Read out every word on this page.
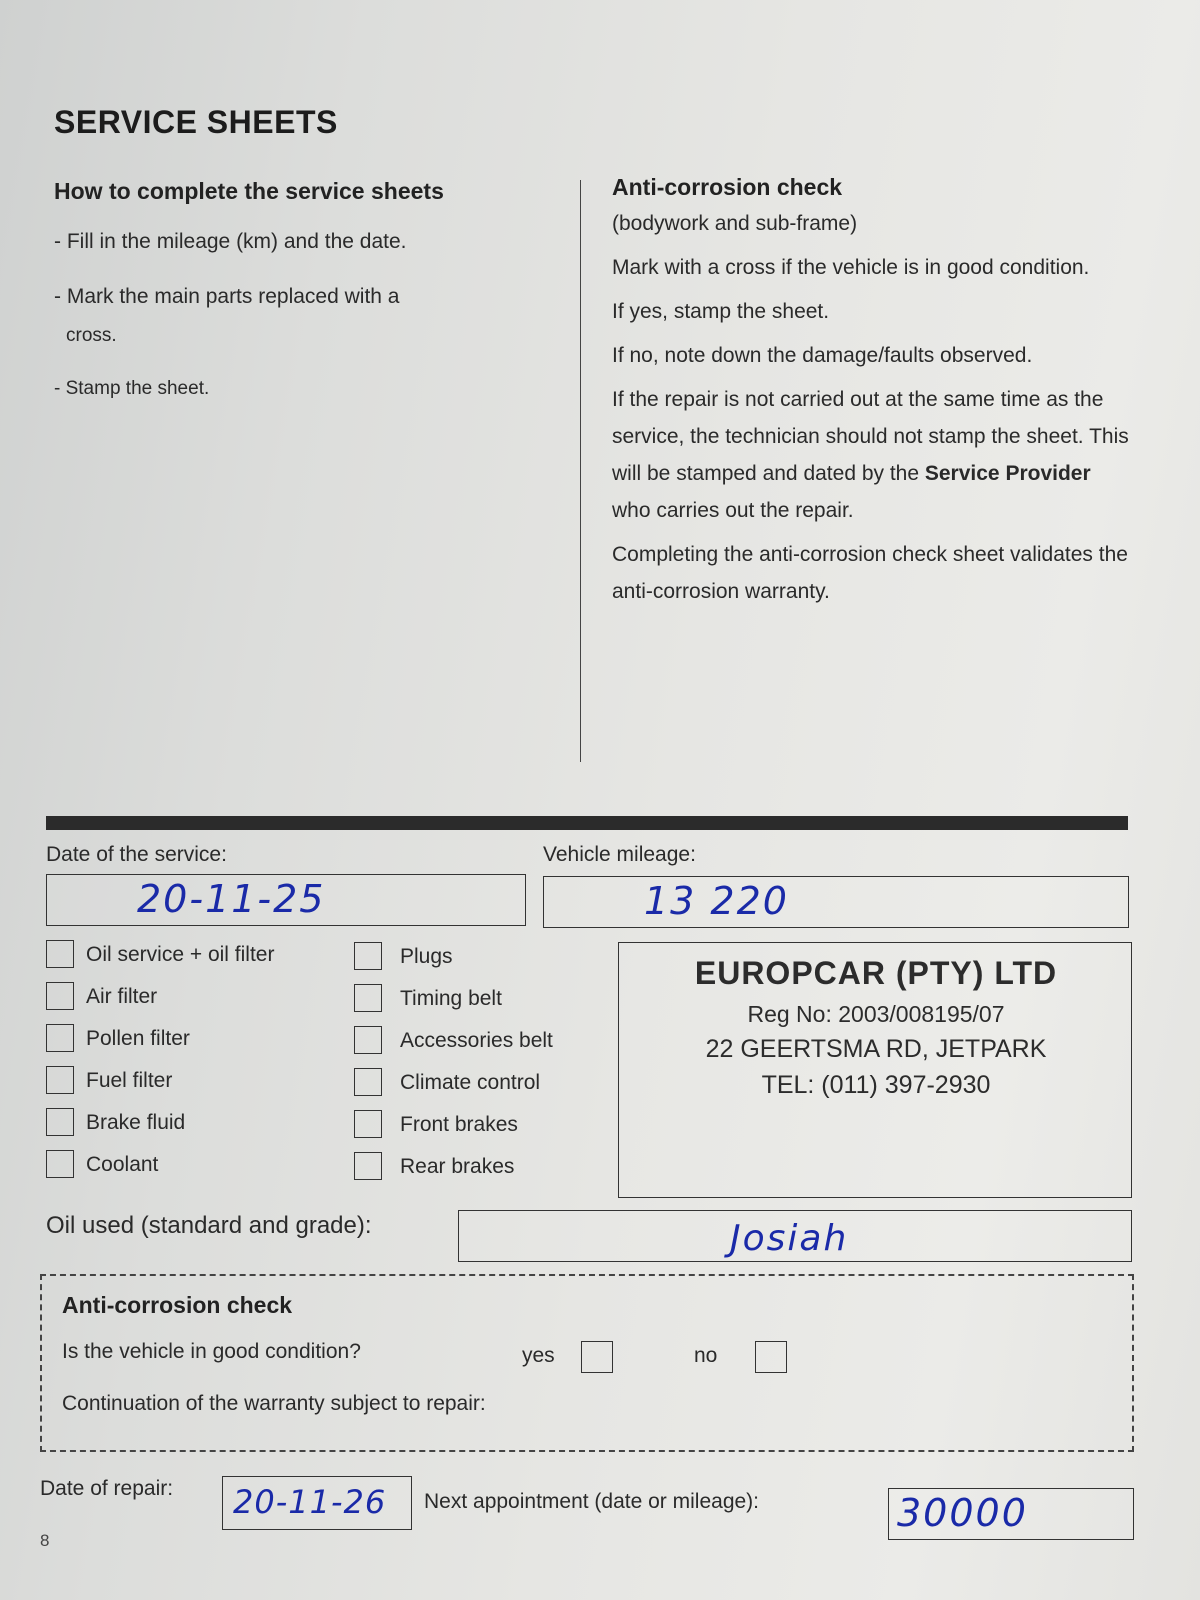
SERVICE SHEETS
How to complete the service sheets
- Fill in the mileage (km) and the date.
- Mark the main parts replaced with a
cross.
- Stamp the sheet.
Anti-corrosion check

(bodywork and sub-frame)

Mark with a cross if the vehicle is in good condition.

If yes, stamp the sheet.

If no, note down the damage/faults observed.

If the repair is not carried out at the same time as the service, the technician should not stamp the sheet. This will be stamped and dated by the Service Provider who carries out the repair.

Completing the anti-corrosion check sheet validates the anti-corrosion warranty.

Date of the service:	Vehicle mileage:
20-11-25	13 220
Oil service + oil filter
Air filter
Pollen filter
Fuel filter
Brake fluid
Coolant
Plugs
Timing belt
Accessories belt
Climate control
Front brakes
Rear brakes
EUROPCAR (PTY) LTD
Reg No: 2003/008195/07
22 GEERTSMA RD, JETPARK
TEL: (011) 397-2930
Oil used (standard and grade):	Josiah
Anti-corrosion check
Is the vehicle in good condition?	yes	no
Continuation of the warranty subject to repair:
Date of repair: 20-11-26 Next appointment (date or mileage):	30000
8
